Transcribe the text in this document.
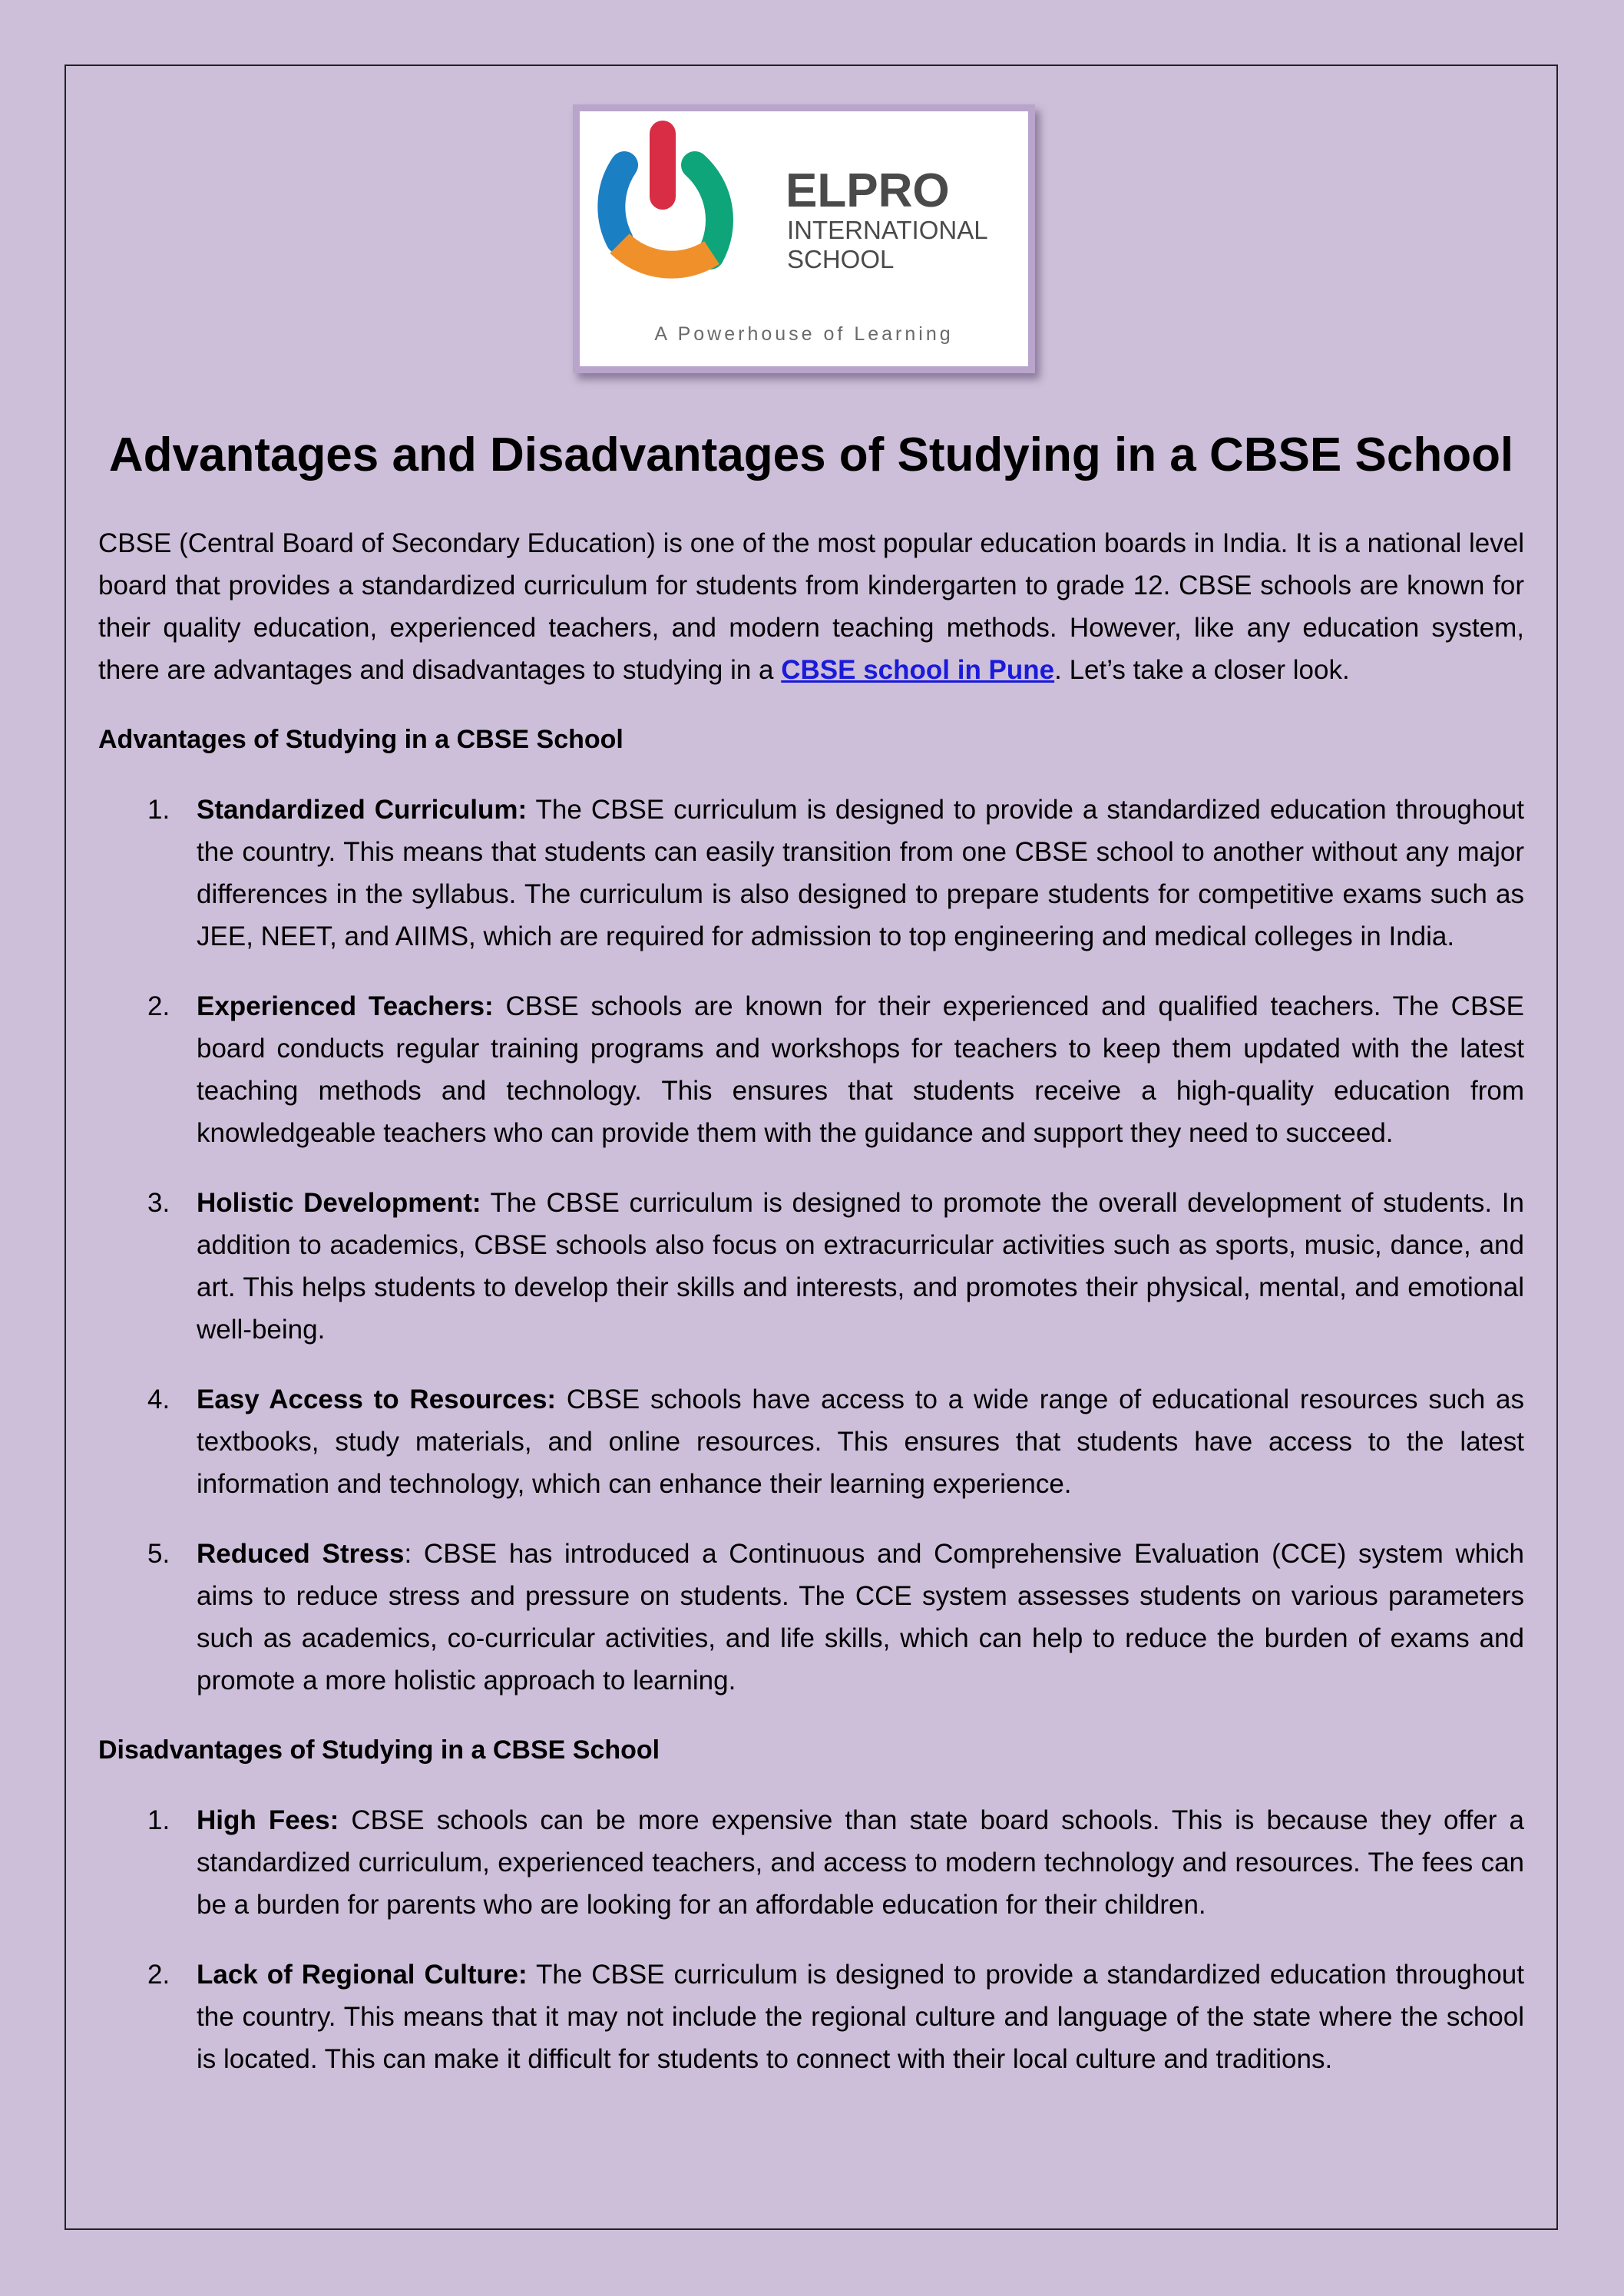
ELPRO
INTERNATIONAL
SCHOOL
A Powerhouse of Learning
Advantages and Disadvantages of Studying in a CBSE School

CBSE (Central Board of Secondary Education) is one of the most popular education boards in India. It is a national level board that provides a standardized curriculum for students from kindergarten to grade 12. CBSE schools are known for their quality education, experienced teachers, and modern teaching methods. However, like any education system, there are advantages and disadvantages to studying in a CBSE school in Pune. Let’s take a closer look.

Advantages of Studying in a CBSE School

1. Standardized Curriculum: The CBSE curriculum is designed to provide a standardized education throughout the country. This means that students can easily transition from one CBSE school to another without any major differences in the syllabus. The curriculum is also designed to prepare students for competitive exams such as JEE, NEET, and AIIMS, which are required for admission to top engineering and medical colleges in India.
2. Experienced Teachers: CBSE schools are known for their experienced and qualified teachers. The CBSE board conducts regular training programs and workshops for teachers to keep them updated with the latest teaching methods and technology. This ensures that students receive a high-quality education from knowledgeable teachers who can provide them with the guidance and support they need to succeed.
3. Holistic Development: The CBSE curriculum is designed to promote the overall development of students. In addition to academics, CBSE schools also focus on extracurricular activities such as sports, music, dance, and art. This helps students to develop their skills and interests, and promotes their physical, mental, and emotional well-being.
4. Easy Access to Resources: CBSE schools have access to a wide range of educational resources such as textbooks, study materials, and online resources. This ensures that students have access to the latest information and technology, which can enhance their learning experience.
5. Reduced Stress: CBSE has introduced a Continuous and Comprehensive Evaluation (CCE) system which aims to reduce stress and pressure on students. The CCE system assesses students on various parameters such as academics, co-curricular activities, and life skills, which can help to reduce the burden of exams and promote a more holistic approach to learning.

Disadvantages of Studying in a CBSE School

1. High Fees: CBSE schools can be more expensive than state board schools. This is because they offer a standardized curriculum, experienced teachers, and access to modern technology and resources. The fees can be a burden for parents who are looking for an affordable education for their children.
2. Lack of Regional Culture: The CBSE curriculum is designed to provide a standardized education throughout the country. This means that it may not include the regional culture and language of the state where the school is located. This can make it difficult for students to connect with their local culture and traditions.
